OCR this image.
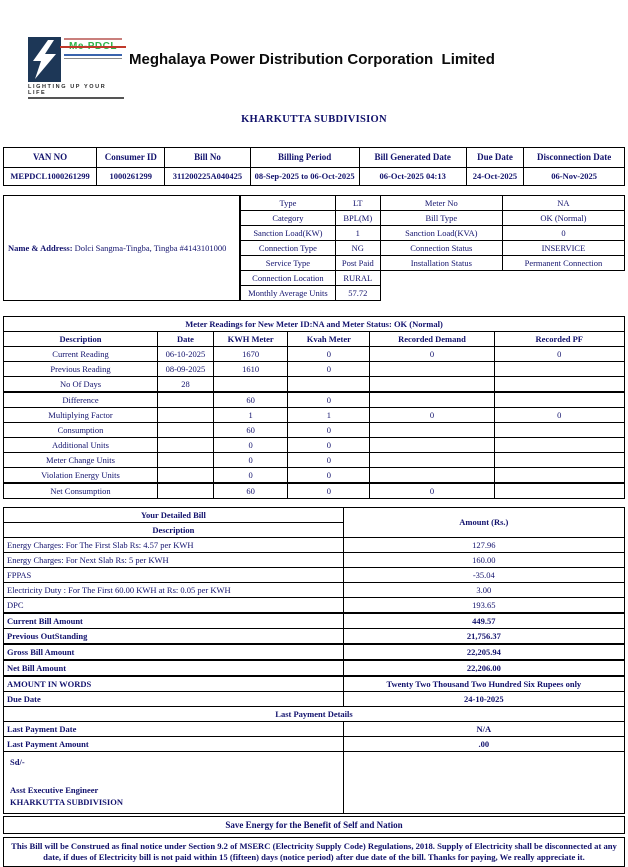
Meghalaya Power Distribution Corporation  Limited
LIGHTING UP YOUR LIFE
KHARKUTTA SUBDIVISION
VAN NO	Consumer ID	Bill No	Billing Period	Bill Generated Date	Due Date	Disconnection Date
MEPDCL1000261299	1000261299	311200225A040425	08-Sep-2025 to 06-Oct-2025	06-Oct-2025 04:13	24-Oct-2025	06-Nov-2025
Name & Address: Dolci Sangma-Tingba, Tingba #4143101000
Type	LT	Meter No	NA
Category	BPL(M)	Bill Type	OK (Normal)
Sanction Load(KW)	1	Sanction Load(KVA)	0
Connection Type	NG	Connection Status	INSERVICE
Service Type	Post Paid	Installation Status	Permanent Connection
Connection Location	RURAL		
Monthly Average Units	57.72		
Meter Readings for New Meter ID:NA and Meter Status: OK (Normal)					
Description	Date	KWH Meter	Kvah Meter	Recorded Demand	Recorded PF
Current Reading	06-10-2025	1670	0	0	0
Previous Reading	08-09-2025	1610	0		
No Of Days	28				
Difference		60	0		
Multiplying Factor		1	1	0	0
Consumption		60	0		
Additional Units		0	0		
Meter Change Units		0	0		
Violation Energy Units		0	0		
Net Consumption		60	0	0	
Your Detailed Bill	Amount (Rs.)
Description	
Energy Charges: For The First Slab Rs: 4.57 per KWH	127.96
Energy Charges: For Next Slab Rs: 5 per KWH	160.00
FPPAS	-35.04
Electricity Duty : For The First 60.00 KWH at Rs: 0.05 per KWH	3.00
DPC	193.65
Current Bill Amount	449.57
Previous OutStanding	21,756.37
Gross Bill Amount	22,205.94
Net Bill Amount	22,206.00
AMOUNT IN WORDS	Twenty Two Thousand Two Hundred Six Rupees only
Due Date	24-10-2025
Last Payment Details	
Last Payment Date	N/A
Last Payment Amount	.00

Sd/-
Asst Executive Engineer
KHARKUTTA SUBDIVISION	

Save Energy for the Benefit of Self and Nation
This Bill will be Construed as final notice under Section 9.2 of MSERC (Electricity Supply Code) Regulations, 2018. Supply of Electricity shall be disconnected at any date, if dues of Electricity bill is not paid within 15 (fifteen) days (notice period) after due date of the bill. Thanks for paying, We really appreciate it.
